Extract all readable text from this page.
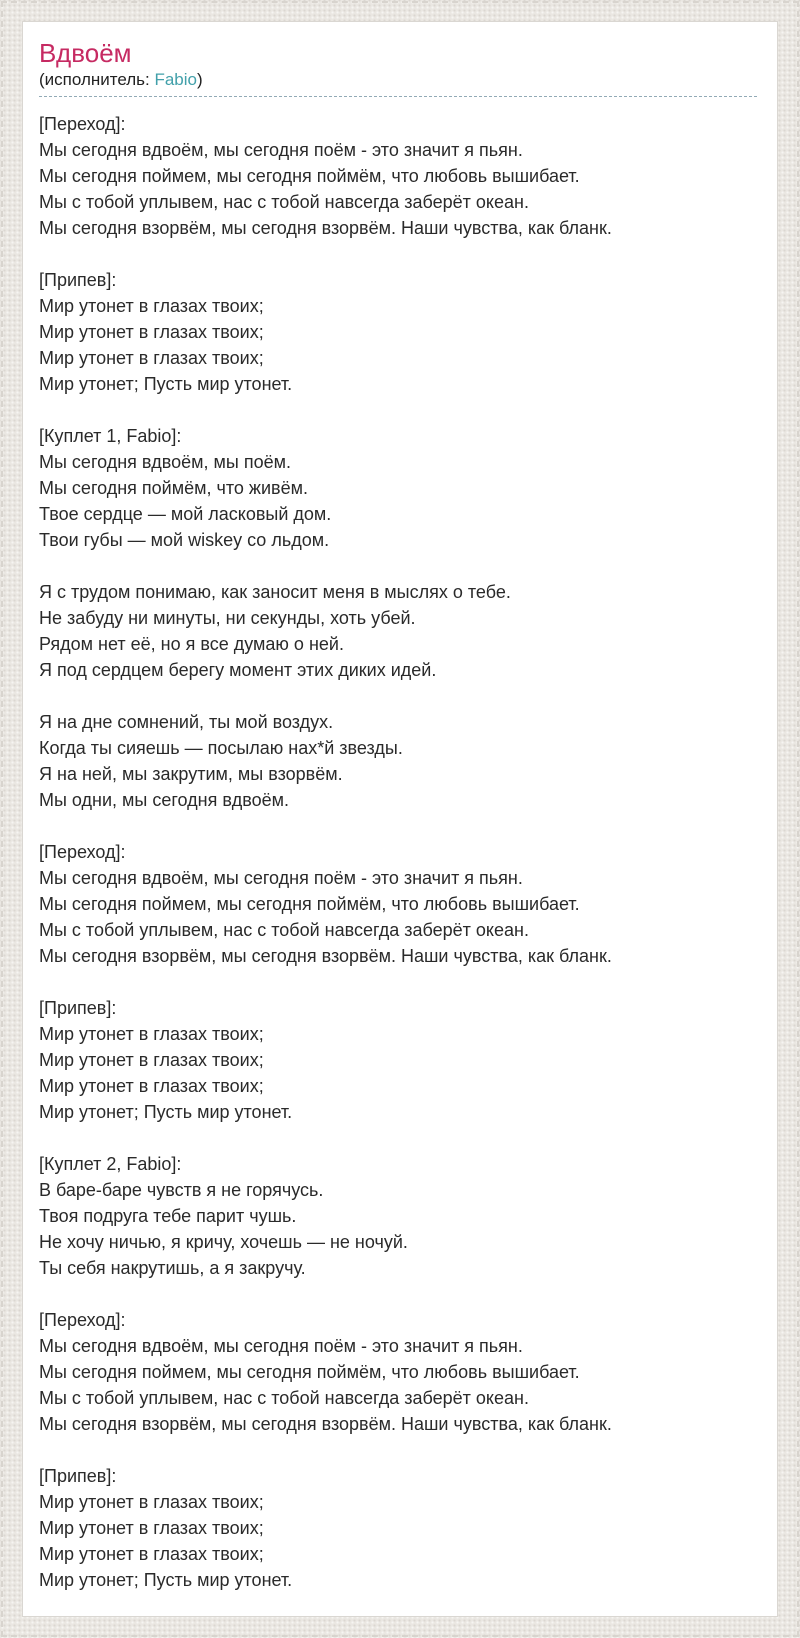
Вдвоём
(исполнитель: Fabio)

[Переход]:
Мы сегодня вдвоём, мы сегодня поём - это значит я пьян.
Мы сегодня поймем, мы сегодня поймём, что любовь вышибает.
Мы с тобой уплывем, нас с тобой навсегда заберёт океан.
Мы сегодня взорвём, мы сегодня взорвём. Наши чувства, как бланк.

[Припев]:
Мир утонет в глазах твоих;
Мир утонет в глазах твоих;
Мир утонет в глазах твоих;
Мир утонет; Пусть мир утонет.

[Куплет 1, Fabio]:
Мы сегодня вдвоём, мы поём.
Мы сегодня поймём, что живём.
Твое сердце — мой ласковый дом.
Твои губы — мой wiskey со льдом.

Я с трудом понимаю, как заносит меня в мыслях о тебе.
Не забуду ни минуты, ни секунды, хоть убей.
Рядом нет её, но я все думаю о ней.
Я под сердцем берегу момент этих диких идей.

Я на дне сомнений, ты мой воздух.
Когда ты сияешь — посылаю нах*й звезды.
Я на ней, мы закрутим, мы взорвём.
Мы одни, мы сегодня вдвоём.

[Переход]:
Мы сегодня вдвоём, мы сегодня поём - это значит я пьян.
Мы сегодня поймем, мы сегодня поймём, что любовь вышибает.
Мы с тобой уплывем, нас с тобой навсегда заберёт океан.
Мы сегодня взорвём, мы сегодня взорвём. Наши чувства, как бланк.

[Припев]:
Мир утонет в глазах твоих;
Мир утонет в глазах твоих;
Мир утонет в глазах твоих;
Мир утонет; Пусть мир утонет.

[Куплет 2, Fabio]:
В баре-баре чувств я не горячусь.
Твоя подруга тебе парит чушь.
Не хочу ничью, я кричу, хочешь — не ночуй.
Ты себя накрутишь, а я закручу.

[Переход]:
Мы сегодня вдвоём, мы сегодня поём - это значит я пьян.
Мы сегодня поймем, мы сегодня поймём, что любовь вышибает.
Мы с тобой уплывем, нас с тобой навсегда заберёт океан.
Мы сегодня взорвём, мы сегодня взорвём. Наши чувства, как бланк.

[Припев]:
Мир утонет в глазах твоих;
Мир утонет в глазах твоих;
Мир утонет в глазах твоих;
Мир утонет; Пусть мир утонет.
